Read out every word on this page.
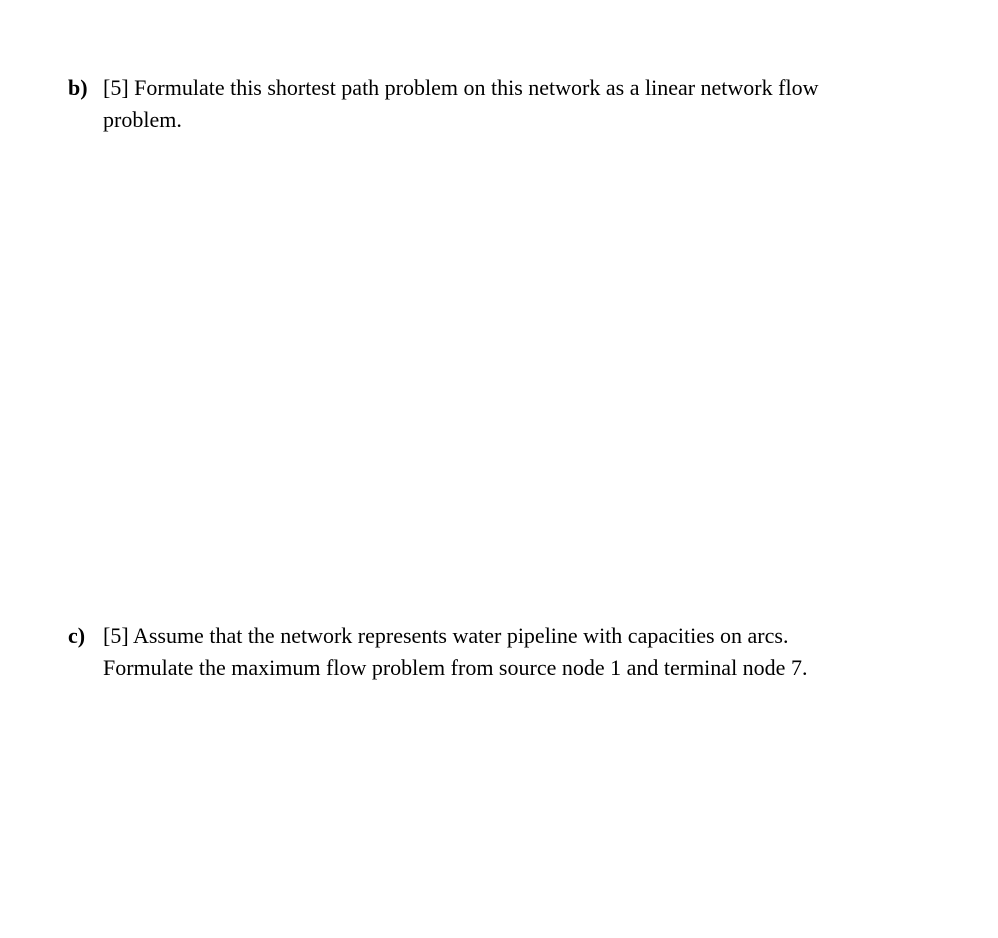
b) [5] Formulate this shortest path problem on this network as a linear network flow
problem.
c) [5] Assume that the network represents water pipeline with capacities on arcs.
Formulate the maximum flow problem from source node 1 and terminal node 7.
